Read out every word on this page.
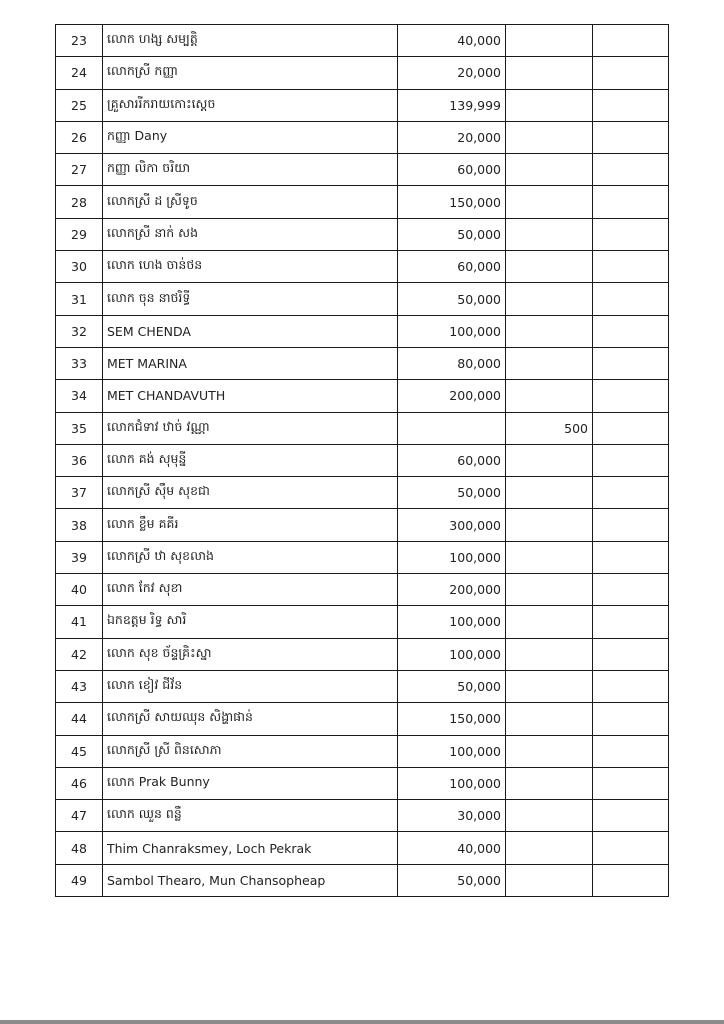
23	លោក ហង្ស សម្បត្តិ	40,000		
24	លោកស្រី កញ្ញា	20,000		
25	គ្រួសាររីករាយកោះស្តេច	139,999		
26	កញ្ញា Dany	20,000		
27	កញ្ញា លិកា ចរិយា	60,000		
28	លោកស្រី ដ ស្រីទូច	150,000		
29	លោកស្រី នាក់ សង	50,000		
30	លោក ហេង ចាន់ថន	60,000		
31	លោក ចុន នាថរិទ្ធី	50,000		
32	SEM CHENDA	100,000		
33	MET MARINA	80,000		
34	MET CHANDAVUTH	200,000		
35	លោកជំទាវ ឋាច់ វណ្ណា		500	
36	លោក គង់ សុមុន្នី	60,000		
37	លោកស្រី ស៊ឹម សុខជា	50,000		
38	លោក ខ្លឹម គគីរ	300,000		
39	លោកស្រី ឋា សុខលាង	100,000		
40	លោក កែវ សុខា	200,000		
41	ឯកឧត្តម រិទ្ធ សារិ	100,000		
42	លោក សុខ ច័ន្ទគ្រិះស្នា	100,000		
43	លោក ខៀវ ជីវ័ន	50,000		
44	លោកស្រី សាយឈុន សិង្ហាផាន់	150,000		
45	លោកស្រី ស្រី ពិនសោភា	100,000		
46	លោក Prak Bunny	100,000		
47	លោក ឈួន ពន្លឺ	30,000		
48	Thim Chanraksmey, Loch Pekrak	40,000		
49	Sambol Thearo, Mun Chansopheap	50,000		
